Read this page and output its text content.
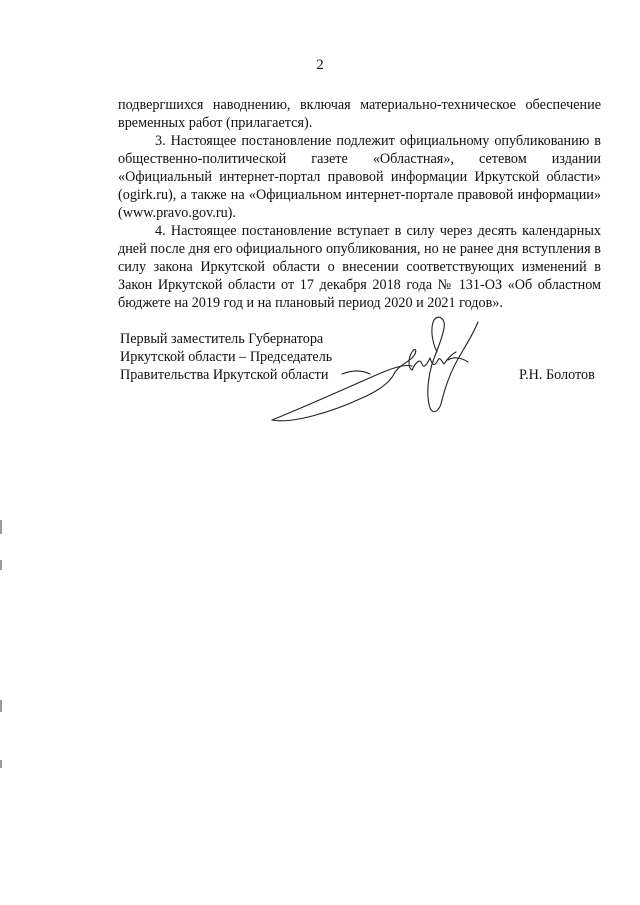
2

подвергшихся наводнению, включая материально-техническое обеспечение временных работ (прилагается).

3. Настоящее постановление подлежит официальному опубликованию в общественно-политической газете «Областная», сетевом издании «Официальный интернет-портал правовой информации Иркутской области» (ogirk.ru), а также на «Официальном интернет-портале правовой информации» (www.pravo.gov.ru).

4. Настоящее постановление вступает в силу через десять календарных дней после дня его официального опубликования, но не ранее дня вступления в силу закона Иркутской области о внесении соответствующих изменений в Закон Иркутской области от 17 декабря 2018 года № 131-ОЗ «Об областном бюджете на 2019 год и на плановый период 2020 и 2021 годов».

Первый заместитель Губернатора
Иркутской области – Председатель
Правительства Иркутской области	Р.Н. Болотов
